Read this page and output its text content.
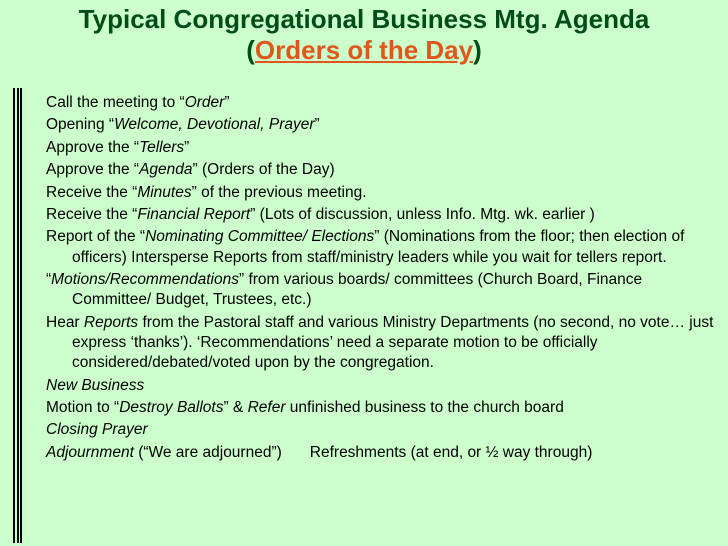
Typical Congregational Business Mtg. Agenda
(Orders of the Day)
Call the meeting to “Order”
Opening “Welcome, Devotional, Prayer”
Approve the “Tellers”
Approve the “Agenda” (Orders of the Day)
Receive the “Minutes” of the previous meeting.
Receive the “Financial Report” (Lots of discussion, unless Info. Mtg. wk. earlier )
Report of the “Nominating Committee/ Elections” (Nominations from the floor; then election of officers) Intersperse Reports from staff/ministry leaders while you wait for tellers report.
“Motions/Recommendations” from various boards/ committees (Church Board, Finance Committee/ Budget, Trustees, etc.)
Hear Reports from the Pastoral staff and various Ministry Departments (no second, no vote… just express ‘thanks’). ‘Recommendations’ need a separate motion to be officially considered/debated/voted upon by the congregation.
New Business
Motion to “Destroy Ballots” & Refer unfinished business to the church board
Closing Prayer
Adjournment (“We are adjourned”) Refreshments (at end, or ½ way through)
